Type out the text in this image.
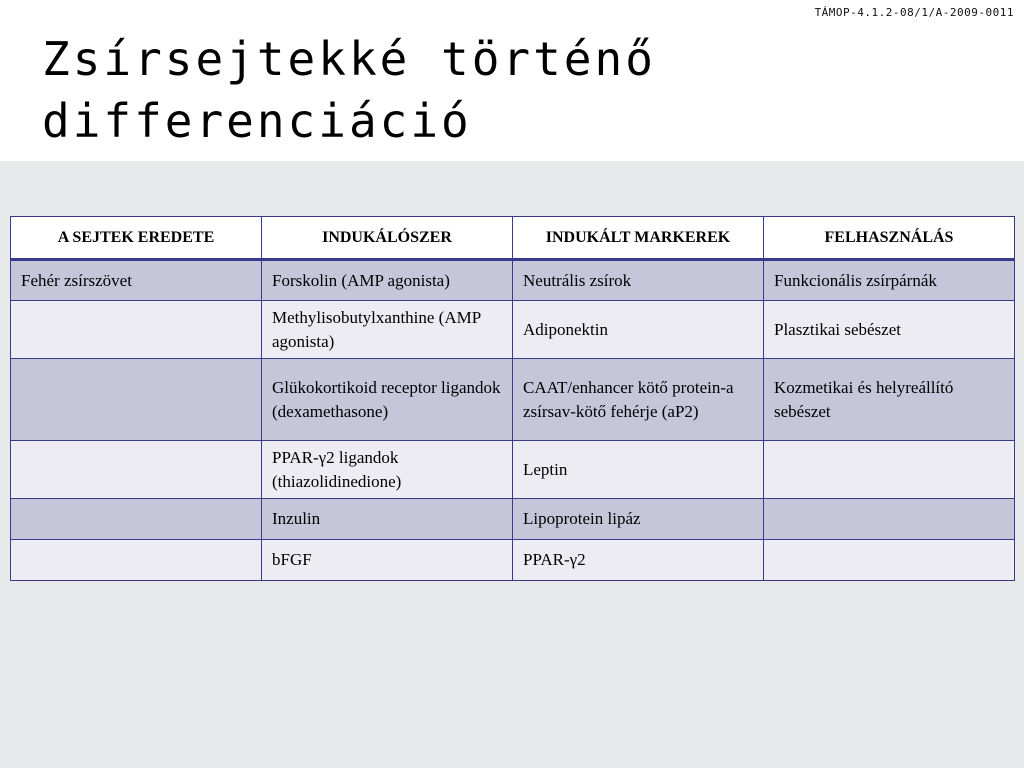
TÁMOP-4.1.2-08/1/A-2009-0011
Zsírsejtekké történő
differenciáció
A SEJTEK EREDETE	INDUKÁLÓSZER	INDUKÁLT MARKEREK	FELHASZNÁLÁS
Fehér zsírszövet	Forskolin (AMP agonista)	Neutrális zsírok	Funkcionális zsírpárnák
	Methylisobutylxanthine (AMP agonista)	Adiponektin	Plasztikai sebészet
	Glükokortikoid receptor ligandok (dexamethasone)	CAAT/enhancer kötő protein-a zsírsav-kötő fehérje (aP2)	Kozmetikai és helyreállító sebészet
	PPAR-γ2 ligandok (thiazolidinedione)	Leptin	
	Inzulin	Lipoprotein lipáz	
	bFGF	PPAR-γ2	
